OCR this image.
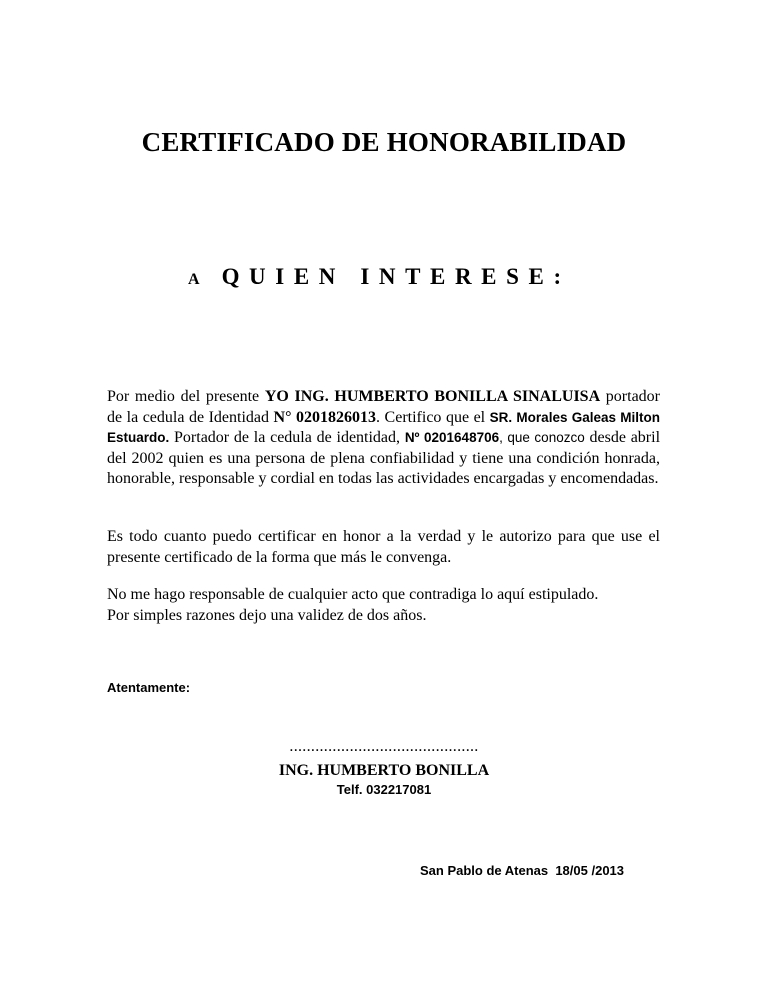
CERTIFICADO DE HONORABILIDAD
A QUIEN INTERESE:
Por medio del presente YO ING. HUMBERTO BONILLA SINALUISA portador de la cedula de Identidad N° 0201826013. Certifico que el SR. Morales Galeas Milton Estuardo. Portador de la cedula de identidad, Nº 0201648706, que conozco desde abril del 2002 quien es una persona de plena confiabilidad y tiene una condición honrada, honorable, responsable y cordial en todas las actividades encargadas y encomendadas.
Es todo cuanto puedo certificar en honor a la verdad y le autorizo para que use el presente certificado de la forma que más le convenga.
No me hago responsable de cualquier acto que contradiga lo aquí estipulado.
Por simples razones dejo una validez de dos años.
Atentamente:
............................................
ING. HUMBERTO BONILLA
Telf. 032217081
San Pablo de Atenas  18/05 /2013
